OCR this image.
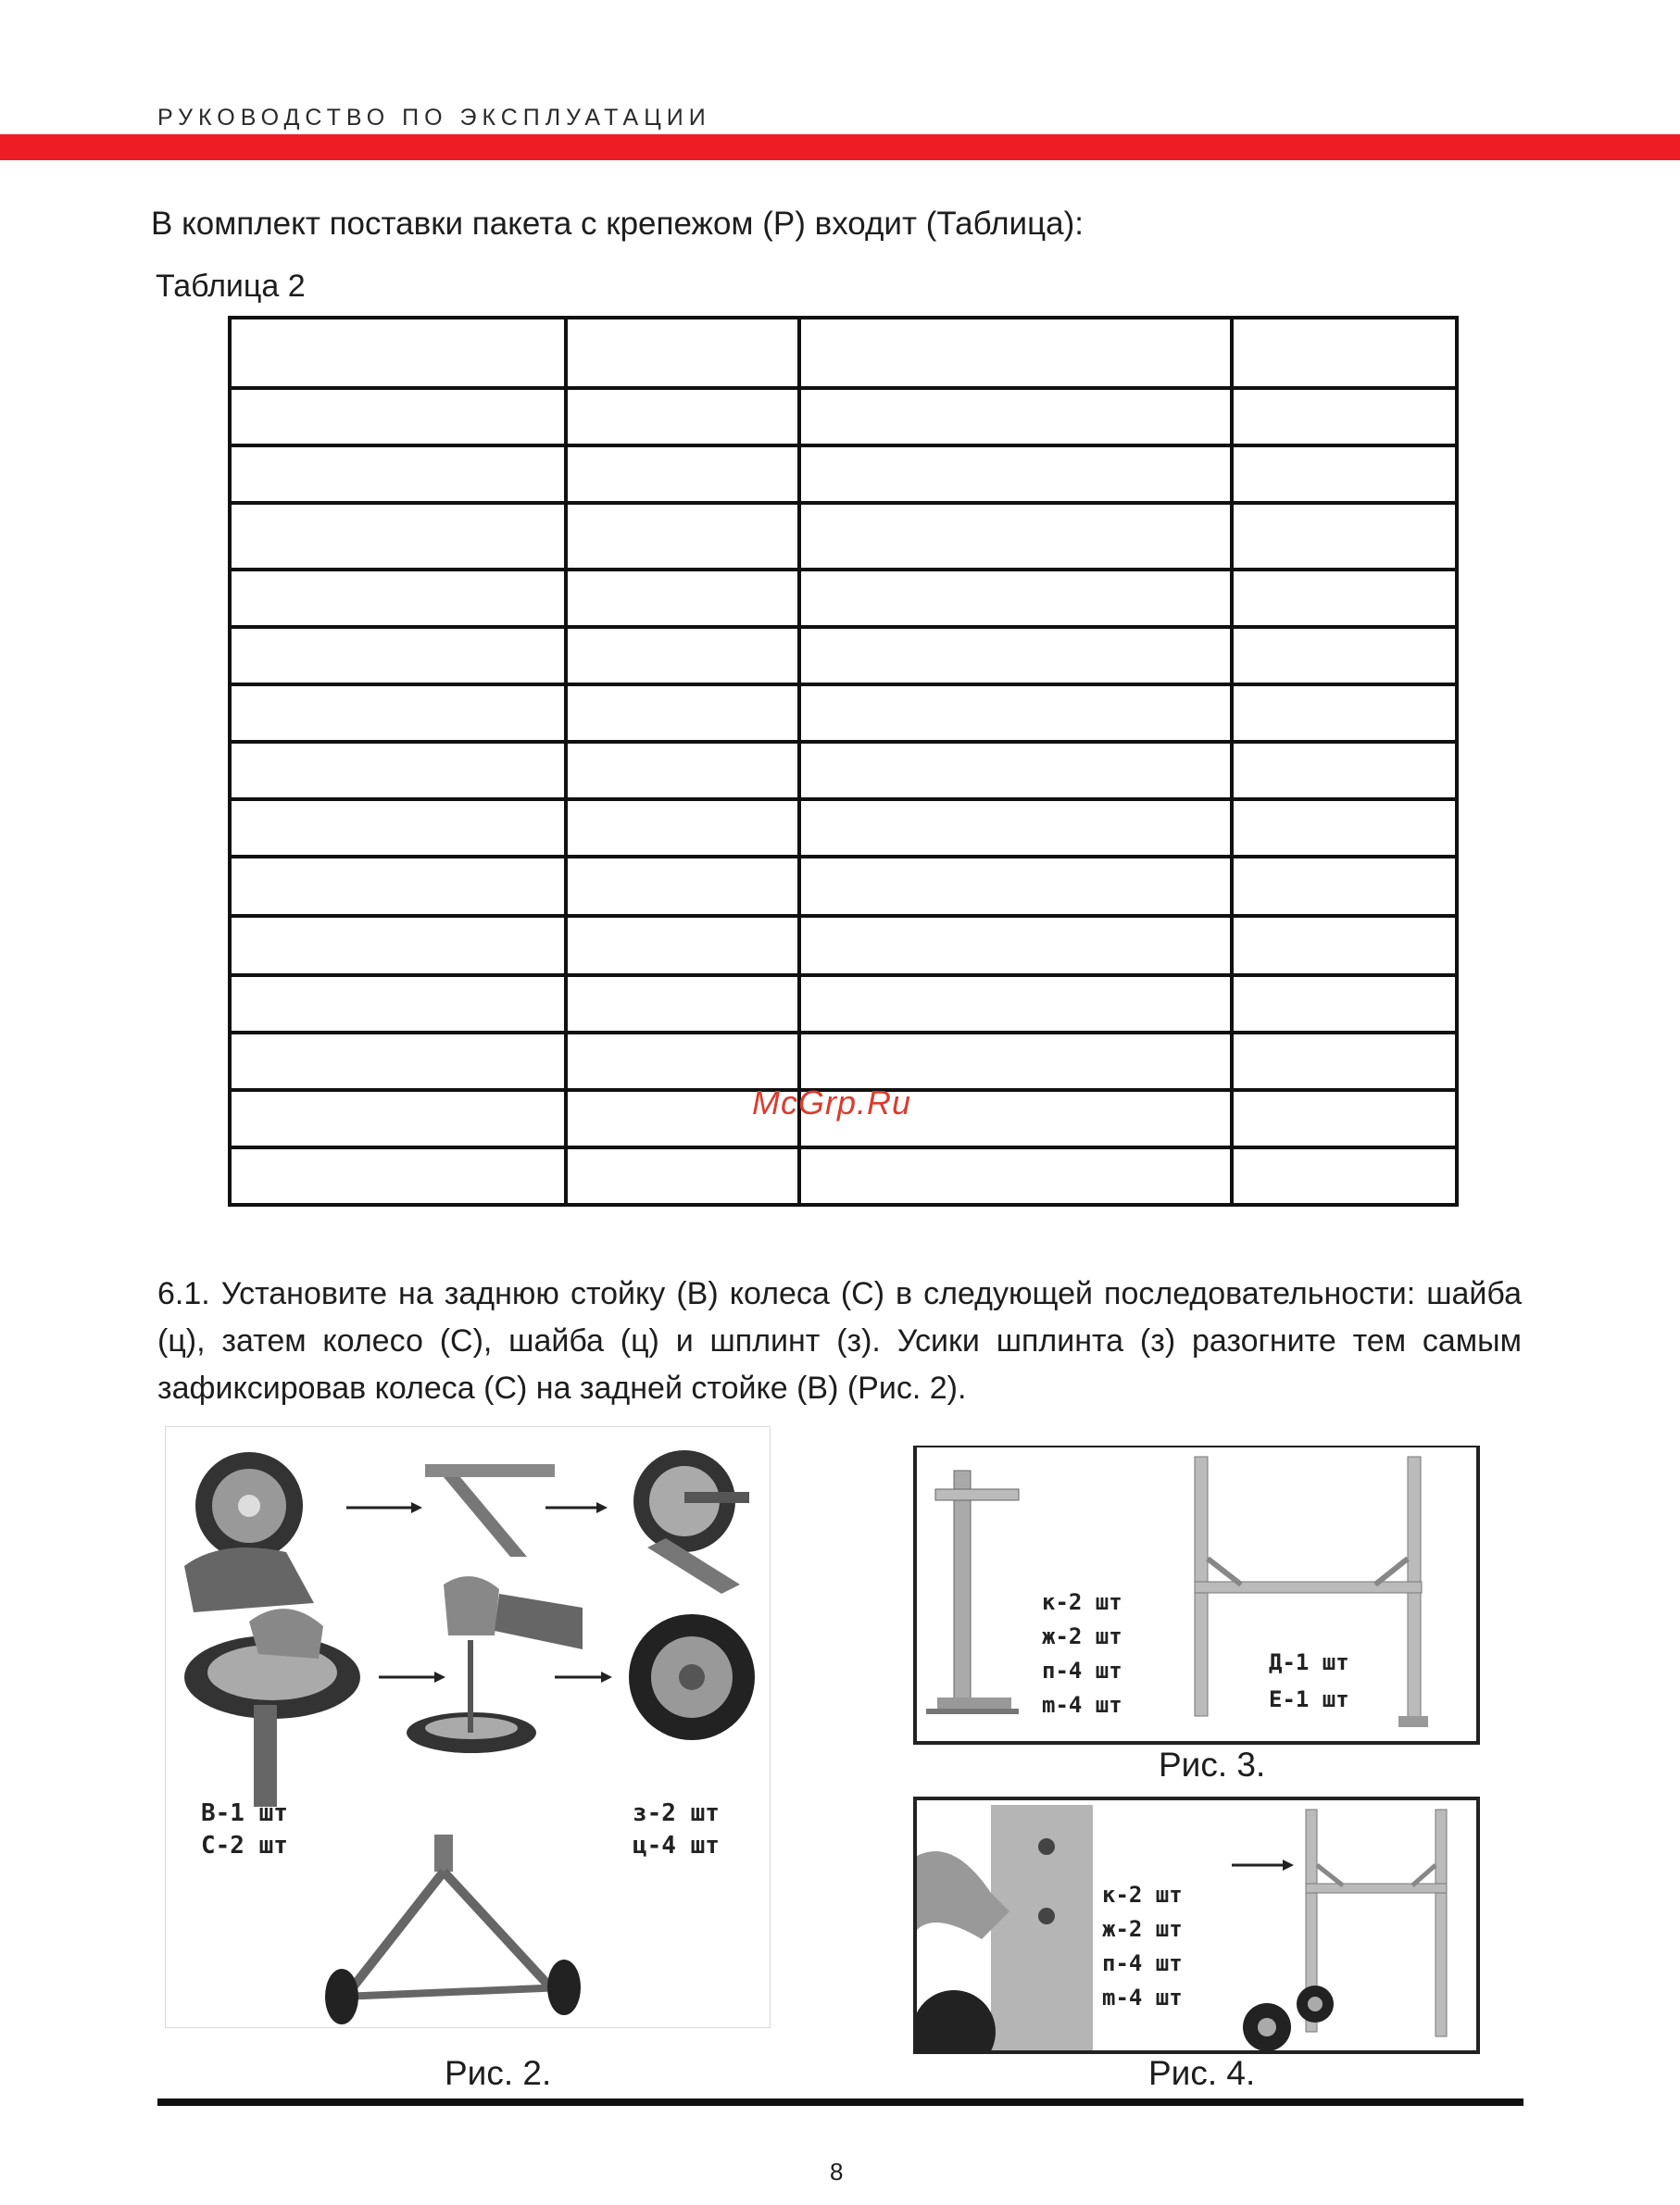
РУКОВОДСТВО ПО ЭКСПЛУАТАЦИИ
В комплект поставки пакета с крепежом (Р) входит (Таблица):
Таблица 2

McGrp.Ru
6.1. Установите на заднюю стойку (В) колеса (С) в следующей последовательности: шайба (ц), затем колесо (С), шайба (ц) и шплинт (з). Усики шплинта (з) разогните тем самым зафиксировав колеса (С) на задней стойке (В) (Рис. 2).
В-1 шт
С-2 шт
з-2 шт
ц-4 шт
Рис. 2.
к-2 шт
ж-2 шт
п-4 шт
m-4 шт
Д-1 шт
Е-1 шт
Рис. 3.
к-2 шт
ж-2 шт
п-4 шт
m-4 шт
Рис. 4.
8
